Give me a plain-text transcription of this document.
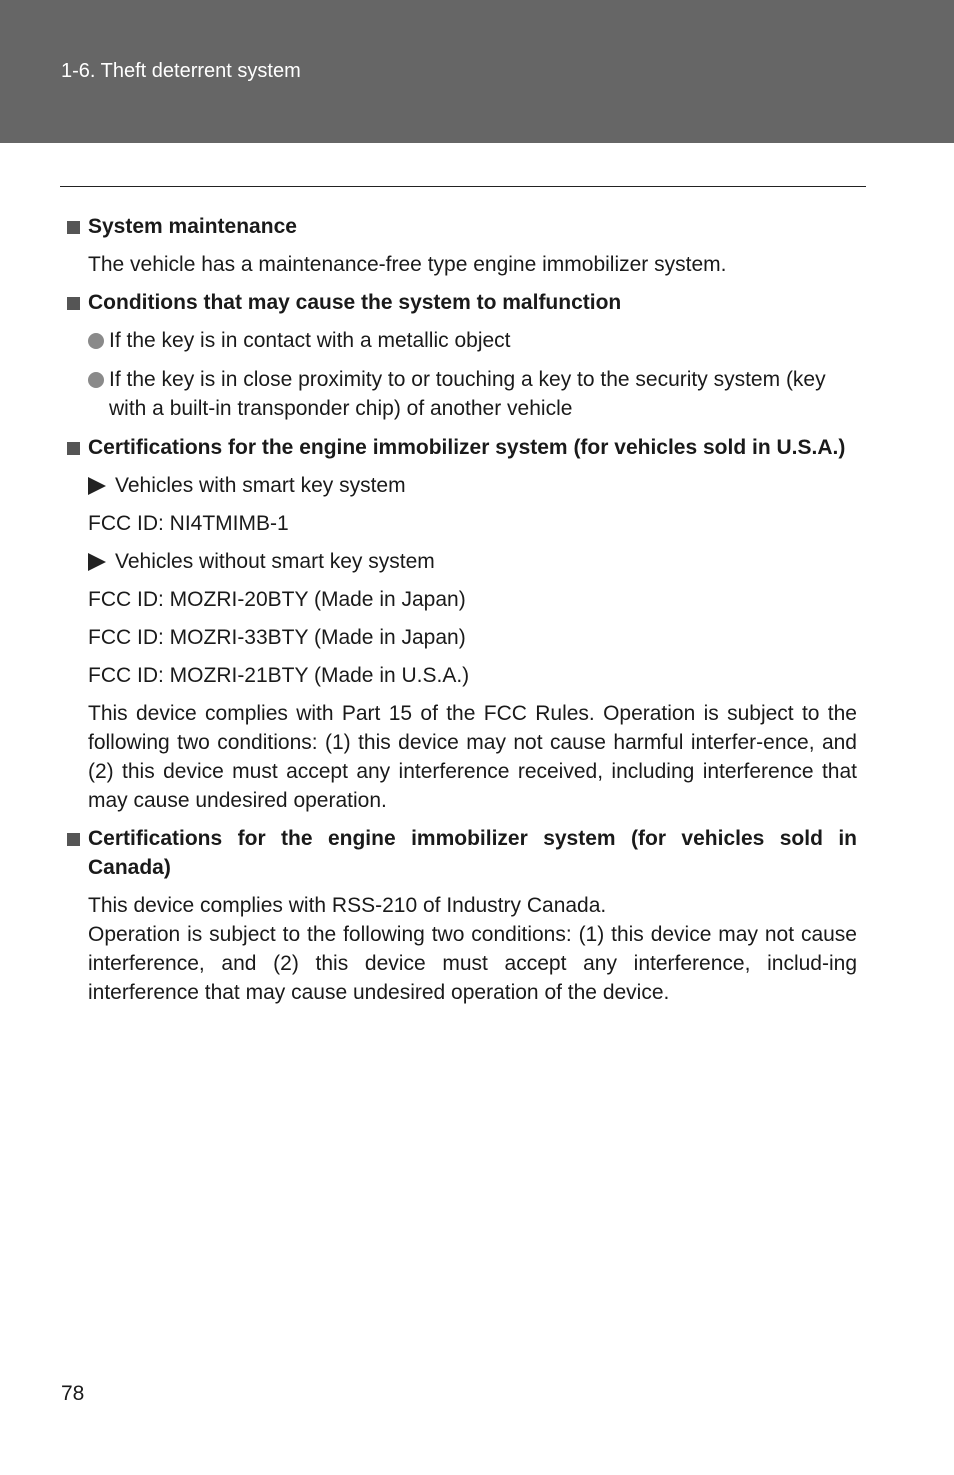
1-6. Theft deterrent system
System maintenance
The vehicle has a maintenance-free type engine immobilizer system.
Conditions that may cause the system to malfunction
If the key is in contact with a metallic object
If the key is in close proximity to or touching a key to the security system (key with a built-in transponder chip) of another vehicle
Certifications for the engine immobilizer system (for vehicles sold in U.S.A.)
Vehicles with smart key system
FCC ID: NI4TMIMB-1
Vehicles without smart key system
FCC ID: MOZRI-20BTY (Made in Japan)
FCC ID: MOZRI-33BTY (Made in Japan)
FCC ID: MOZRI-21BTY (Made in U.S.A.)
This device complies with Part 15 of the FCC Rules. Operation is subject to the following two conditions: (1) this device may not cause harmful interfer-ence, and (2) this device must accept any interference received, including interference that may cause undesired operation.
Certifications for the engine immobilizer system (for vehicles sold in Canada)
This device complies with RSS-210 of Industry Canada.
Operation is subject to the following two conditions: (1) this device may not cause interference, and (2) this device must accept any interference, includ-ing interference that may cause undesired operation of the device.
78
